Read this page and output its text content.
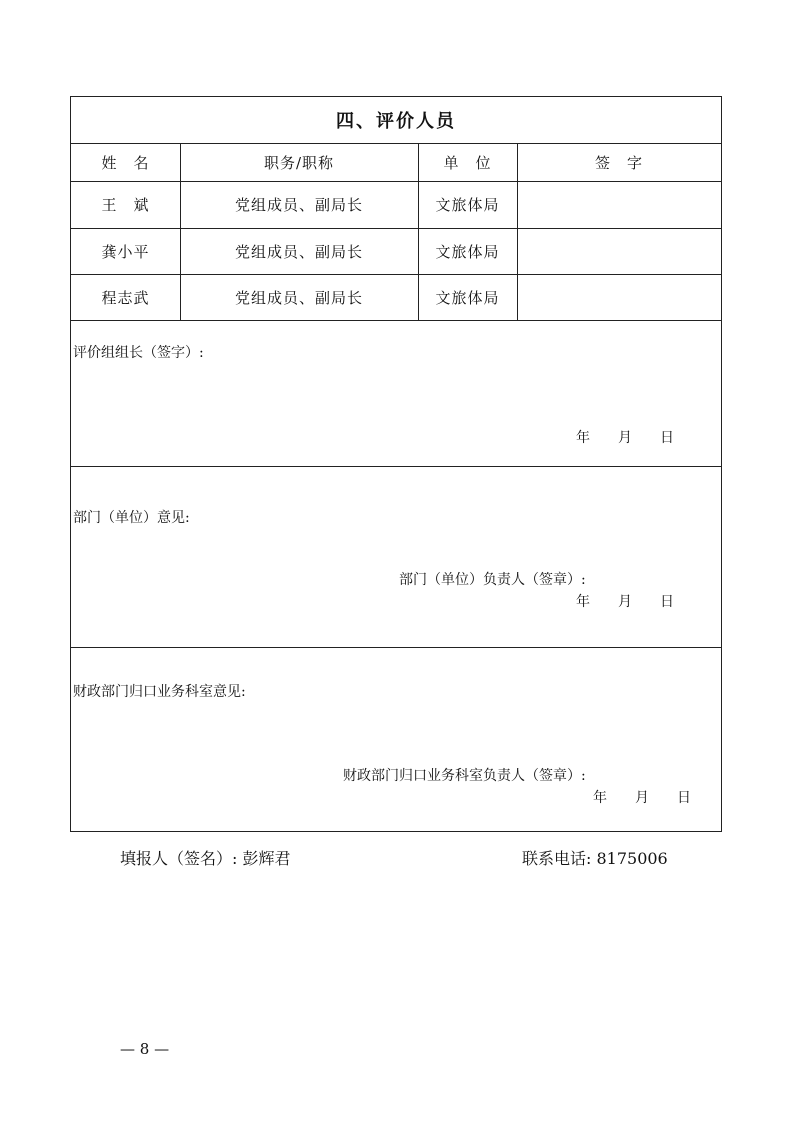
四、评价人员
姓　名	职务/职称	单　位	签　字
王　斌	党组成员、副局长	文旅体局
龚小平	党组成员、副局长	文旅体局
程志武	党组成员、副局长	文旅体局
评价组组长（签字）:
年　　月　　日
部门（单位）意见:
部门（单位）负责人（签章）:
年　　月　　日
财政部门归口业务科室意见:
财政部门归口业务科室负责人（签章）:
年　　月　　日
填报人（签名）: 彭辉君	联系电话: 8175006
— 8 —
